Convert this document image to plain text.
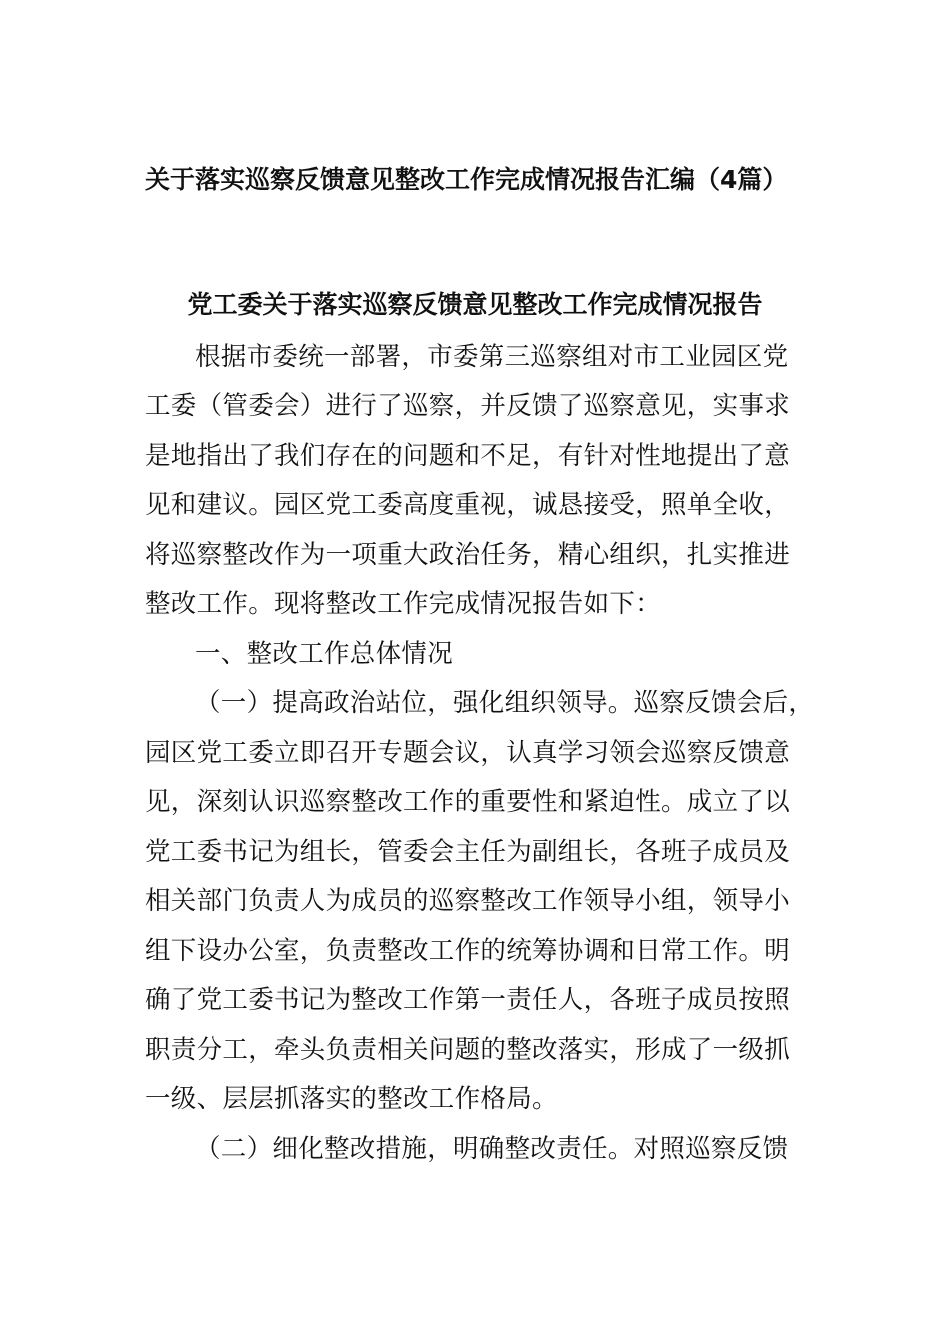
关于落实巡察反馈意见整改工作完成情况报告汇编（4篇）
党工委关于落实巡察反馈意见整改工作完成情况报告
根据市委统一部署，市委第三巡察组对市工业园区党
工委（管委会）进行了巡察，并反馈了巡察意见，实事求
是地指出了我们存在的问题和不足，有针对性地提出了意
见和建议。园区党工委高度重视，诚恳接受，照单全收，
将巡察整改作为一项重大政治任务，精心组织，扎实推进
整改工作。现将整改工作完成情况报告如下：
一、整改工作总体情况
（一）提高政治站位，强化组织领导。巡察反馈会后，
园区党工委立即召开专题会议，认真学习领会巡察反馈意
见，深刻认识巡察整改工作的重要性和紧迫性。成立了以
党工委书记为组长，管委会主任为副组长，各班子成员及
相关部门负责人为成员的巡察整改工作领导小组，领导小
组下设办公室，负责整改工作的统筹协调和日常工作。明
确了党工委书记为整改工作第一责任人，各班子成员按照
职责分工，牵头负责相关问题的整改落实，形成了一级抓
一级、层层抓落实的整改工作格局。
（二）细化整改措施，明确整改责任。对照巡察反馈
